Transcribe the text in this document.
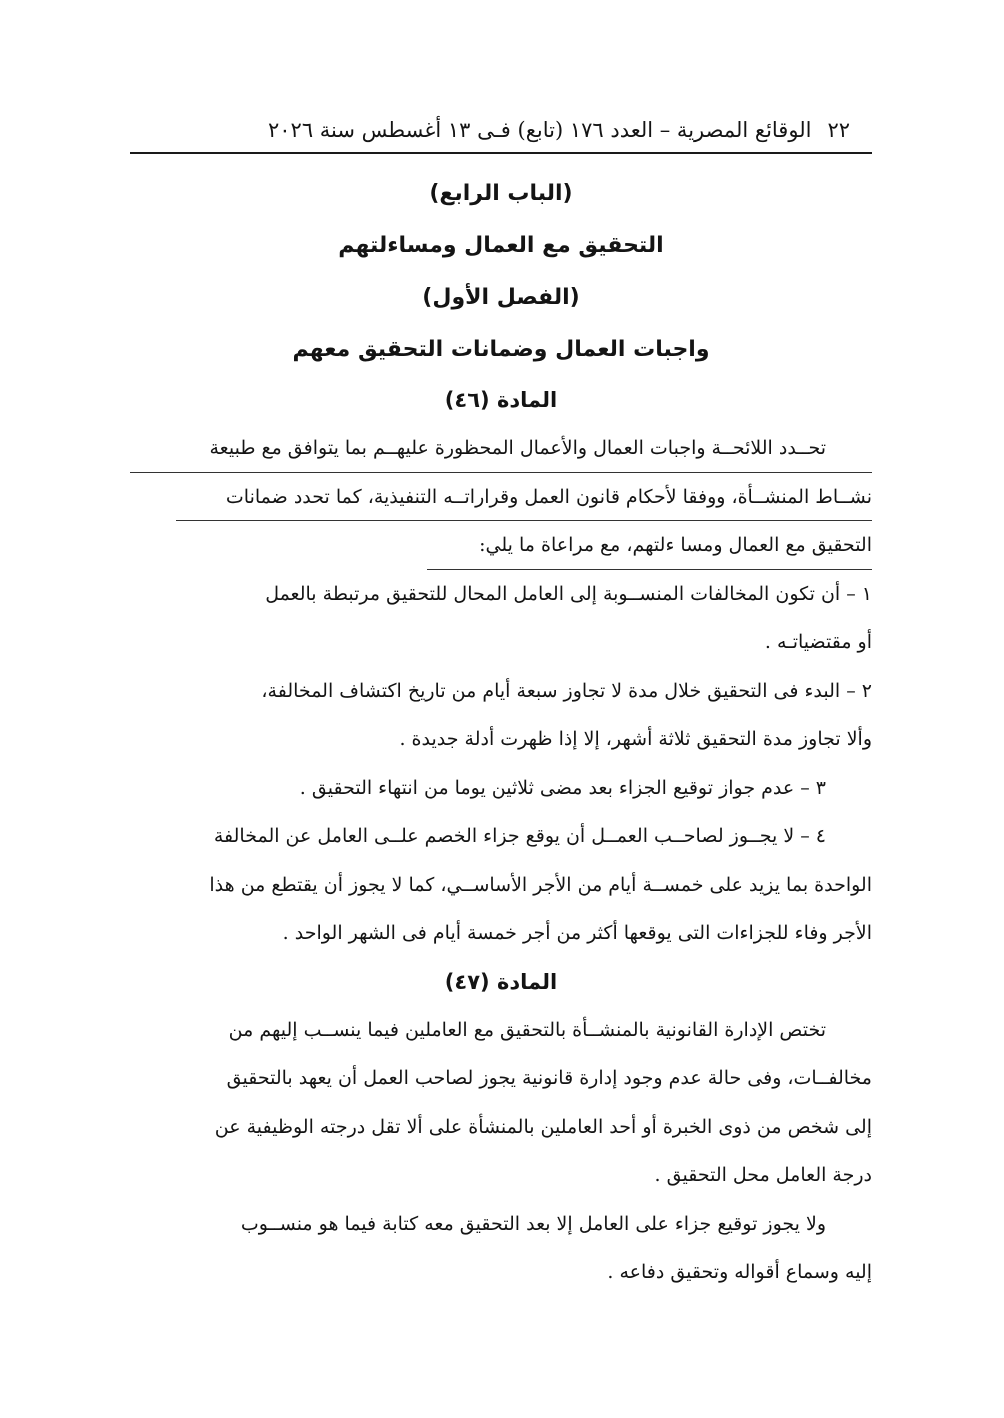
٢٢
الوقائع المصرية – العدد ١٧٦ (تابع) فـى ١٣ أغسطس سنة ٢٠٢٦
(الباب الرابع)
التحقيق مع العمال ومساءلتهم
(الفصل الأول)
واجبات العمال وضمانات التحقيق معهم
المادة (٤٦)

تحــدد اللائحــة واجبات العمال والأعمال المحظورة عليهــم بما يتوافق مع طبيعة
نشــاط المنشــأة، ووفقا لأحكام قانون العمل وقراراتــه التنفيذية، كما تحدد ضمانات
التحقيق مع العمال ومسا ءلتهم، مع مراعاة ما يلي:

١ – أن تكون المخالفات المنســوبة إلى العامل المحال للتحقيق مرتبطة بالعمل
أو مقتضياتـه .

٢ – البدء فى التحقيق خلال مدة لا تجاوز سبعة أيام من تاريخ اكتشاف المخالفة،
وألا تجاوز مدة التحقيق ثلاثة أشهر، إلا إذا ظهرت أدلة جديدة .

٣ – عدم جواز توقيع الجزاء بعد مضى ثلاثين يوما من انتهاء التحقيق .

٤ – لا يجــوز لصاحــب العمــل أن يوقع جزاء الخصم علــى العامل عن المخالفة
الواحدة بما يزيد على خمســة أيام من الأجر الأساســي، كما لا يجوز أن يقتطع من هذا
الأجر وفاء للجزاءات التى يوقعها أكثر من أجر خمسة أيام فى الشهر الواحد .

المادة (٤٧)

تختص الإدارة القانونية بالمنشــأة بالتحقيق مع العاملين فيما ينســب إليهم من
مخالفــات، وفى حالة عدم وجود إدارة قانونية يجوز لصاحب العمل أن يعهد بالتحقيق
إلى شخص من ذوى الخبرة أو أحد العاملين بالمنشأة على ألا تقل درجته الوظيفية عن
درجة العامل محل التحقيق .

ولا يجوز توقيع جزاء على العامل إلا بعد التحقيق معه كتابة فيما هو منســوب
إليه وسماع أقواله وتحقيق دفاعه .
